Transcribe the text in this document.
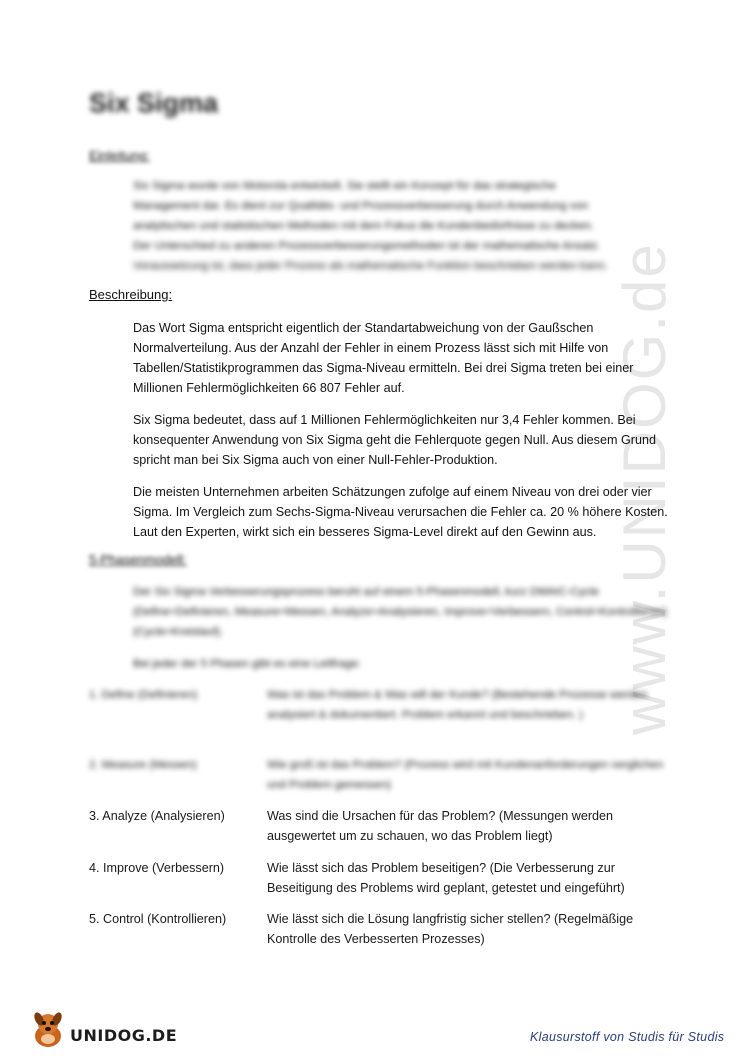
www.UNIDOG.de
Six Sigma
Einleitung:
Six Sigma wurde von Motorola entwickelt. Sie stellt ein Konzept für das strategische
Management dar. Es dient zur Qualitäts- und Prozessverbesserung durch Anwendung von
analytischen und statistischen Methoden mit dem Fokus die Kundenbedürfnisse zu decken.
Der Unterschied zu anderen Prozessverbesserungsmethoden ist der mathematische Ansatz.
Voraussetzung ist, dass jeder Prozess als mathematische Funktion beschrieben werden kann.
Beschreibung:

Das Wort Sigma entspricht eigentlich der Standartabweichung von der Gaußschen Normalverteilung. Aus der Anzahl der Fehler in einem Prozess lässt sich mit Hilfe von Tabellen/Statistikprogrammen das Sigma-Niveau ermitteln. Bei drei Sigma treten bei einer Millionen Fehlermöglichkeiten 66 807 Fehler auf.

Six Sigma bedeutet, dass auf 1 Millionen Fehlermöglichkeiten nur 3,4 Fehler kommen. Bei konsequenter Anwendung von Six Sigma geht die Fehlerquote gegen Null. Aus diesem Grund spricht man bei Six Sigma auch von einer Null-Fehler-Produktion.

Die meisten Unternehmen arbeiten Schätzungen zufolge auf einem Niveau von drei oder vier Sigma. Im Vergleich zum Sechs-Sigma-Niveau verursachen die Fehler ca. 20 % höhere Kosten. Laut den Experten, wirkt sich ein besseres Sigma-Level direkt auf den Gewinn aus.

5-Phasenmodell:
Der Six Sigma Verbesserungsprozess beruht auf einem 5-Phasenmodell, kurz DMAIC-Cycle (Define=Definieren, Measure=Messen, Analyze=Analysieren, Improve=Verbessern, Control=Kontrollieren) (Cycle=Kreislauf).
Bei jeder der 5 Phasen gibt es eine Leitfrage:
1. Define (Definieren)	Was ist das Problem & Was will der Kunde? (Bestehende Prozesse werden analysiert & dokumentiert. Problem erkannt und beschrieben. )
2. Measure (Messen)	Wie groß ist das Problem? (Prozess wird mit Kundenanforderungen verglichen und Problem gemessen)
3. Analyze (Analysieren)	Was sind die Ursachen für das Problem? (Messungen werden ausgewertet um zu schauen, wo das Problem liegt)
4. Improve (Verbessern)	Wie lässt sich das Problem beseitigen? (Die Verbesserung zur Beseitigung des Problems wird geplant, getestet und eingeführt)
5. Control (Kontrollieren)	Wie lässt sich die Lösung langfristig sicher stellen? (Regelmäßige Kontrolle des Verbesserten Prozesses)
UNIDOG.DE	Klausurstoff von Studis für Studis
